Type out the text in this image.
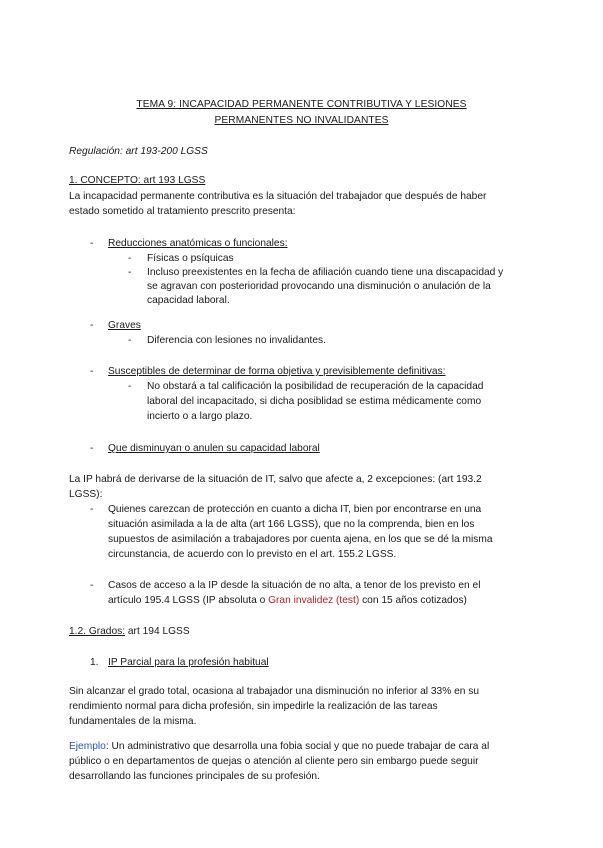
TEMA 9: INCAPACIDAD PERMANENTE CONTRIBUTIVA Y LESIONES
PERMANENTES NO INVALIDANTES
Regulación: art 193-200 LGSS
1. CONCEPTO: art 193 LGSS
La incapacidad permanente contributiva es la situación del trabajador que después de haber
estado sometido al tratamiento prescrito presenta:
- Reducciones anatómicas o funcionales:
- Físicas o psíquicas
- Incluso preexistentes en la fecha de afiliación cuando tiene una discapacidad y
se agravan con posterioridad provocando una disminución o anulación de la
capacidad laboral.
- Graves
- Diferencia con lesiones no invalidantes.
- Susceptibles de determinar de forma objetiva y previsiblemente definitivas:
- No obstará a tal calificación la posibilidad de recuperación de la capacidad
laboral del incapacitado, si dicha posiblidad se estima médicamente como
incierto o a largo plazo.
- Que disminuyan o anulen su capacidad laboral
La IP habrá de derivarse de la situación de IT, salvo que afecte a, 2 excepciones: (art 193.2
LGSS):
- Quienes carezcan de protección en cuanto a dicha IT, bien por encontrarse en una
situación asimilada a la de alta (art 166 LGSS), que no la comprenda, bien en los
supuestos de asimilación a trabajadores por cuenta ajena, en los que se dé la misma
circunstancia, de acuerdo con lo previsto en el art. 155.2 LGSS.
- Casos de acceso a la IP desde la situación de no alta, a tenor de los previsto en el
artículo 195.4 LGSS (IP absoluta o Gran invalidez (test) con 15 años cotizados)
1.2. Grados: art 194 LGSS
1. IP Parcial para la profesión habitual
Sin alcanzar el grado total, ocasiona al trabajador una disminución no inferior al 33% en su
rendimiento normal para dicha profesión, sin impedirle la realización de las tareas
fundamentales de la misma.
Ejemplo: Un administrativo que desarrolla una fobia social y que no puede trabajar de cara al
público o en departamentos de quejas o atención al cliente pero sin embargo puede seguir
desarrollando las funciones principales de su profesión.
